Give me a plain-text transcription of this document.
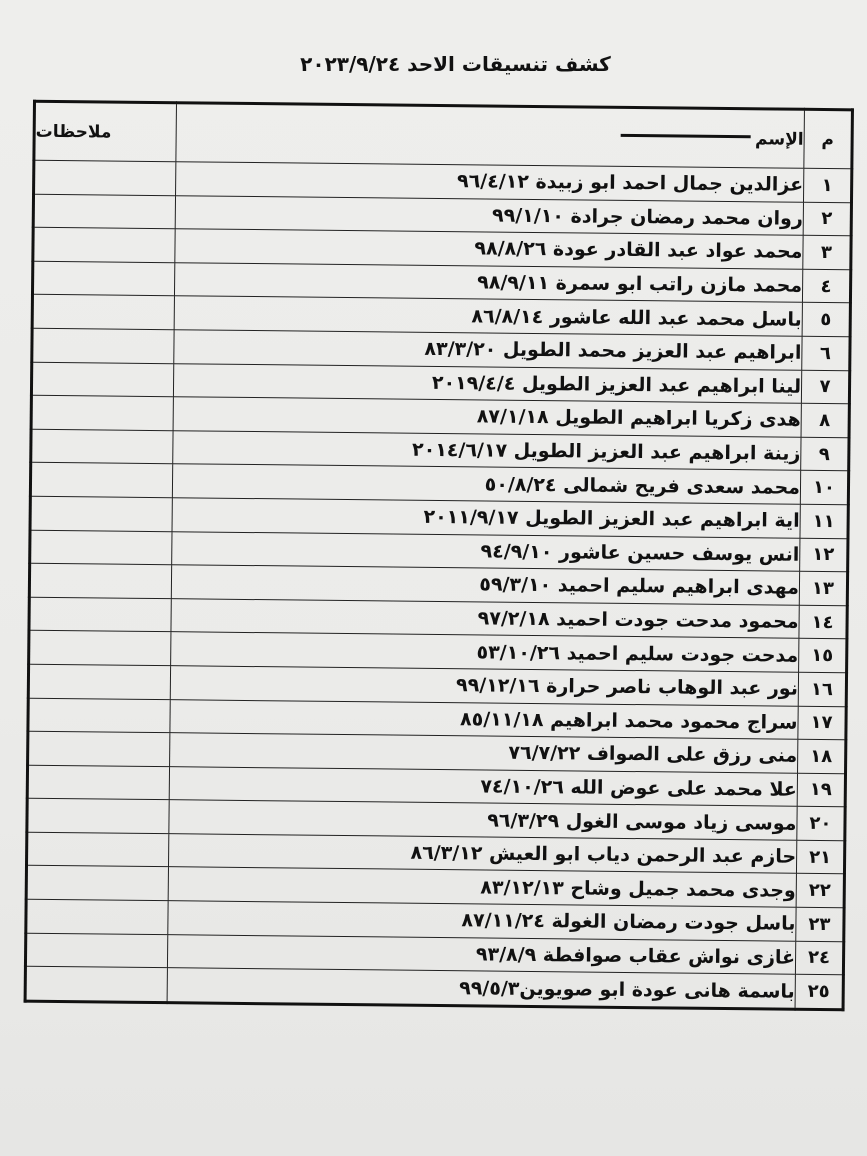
كشف تنسيقات الاحد ٢٠٢٣/٩/٢٤
م	الإسم	ملاحظات
١	عزالدين جمال احمد ابو زبيدة ٩٦/٤/١٢	
٢	روان محمد رمضان جرادة ٩٩/١/١٠	
٣	محمد عواد عبد القادر عودة ٩٨/٨/٢٦	
٤	محمد مازن راتب ابو سمرة ٩٨/٩/١١	
٥	باسل محمد عبد الله عاشور ٨٦/٨/١٤	
٦	ابراهيم عبد العزيز محمد الطويل ٨٣/٣/٢٠	
٧	لينا ابراهيم عبد العزيز الطويل ٢٠١٩/٤/٤	
٨	هدى زكريا ابراهيم الطويل ٨٧/١/١٨	
٩	زينة ابراهيم عبد العزيز الطويل ٢٠١٤/٦/١٧	
١٠	محمد سعدى فريح شمالى ٥٠/٨/٢٤	
١١	اية ابراهيم عبد العزيز الطويل ٢٠١١/٩/١٧	
١٢	انس يوسف حسين عاشور ٩٤/٩/١٠	
١٣	مهدى ابراهيم سليم احميد ٥٩/٣/١٠	
١٤	محمود مدحت جودت احميد ٩٧/٢/١٨	
١٥	مدحت جودت سليم احميد ٥٣/١٠/٢٦	
١٦	نور عبد الوهاب ناصر حرارة ٩٩/١٢/١٦	
١٧	سراج محمود محمد ابراهيم ٨٥/١١/١٨	
١٨	منى رزق على الصواف ٧٦/٧/٢٢	
١٩	علا محمد على عوض الله ٧٤/١٠/٢٦	
٢٠	موسى زياد موسى الغول ٩٦/٣/٢٩	
٢١	حازم عبد الرحمن دياب ابو العيش ٨٦/٣/١٢	
٢٢	وجدى محمد جميل وشاح ٨٣/١٢/١٣	
٢٣	باسل جودت رمضان الغولة ٨٧/١١/٢٤	
٢٤	غازى نواش عقاب صوافطة ٩٣/٨/٩	
٢٥	باسمة هانى عودة ابو صويوين٩٩/٥/٣	
